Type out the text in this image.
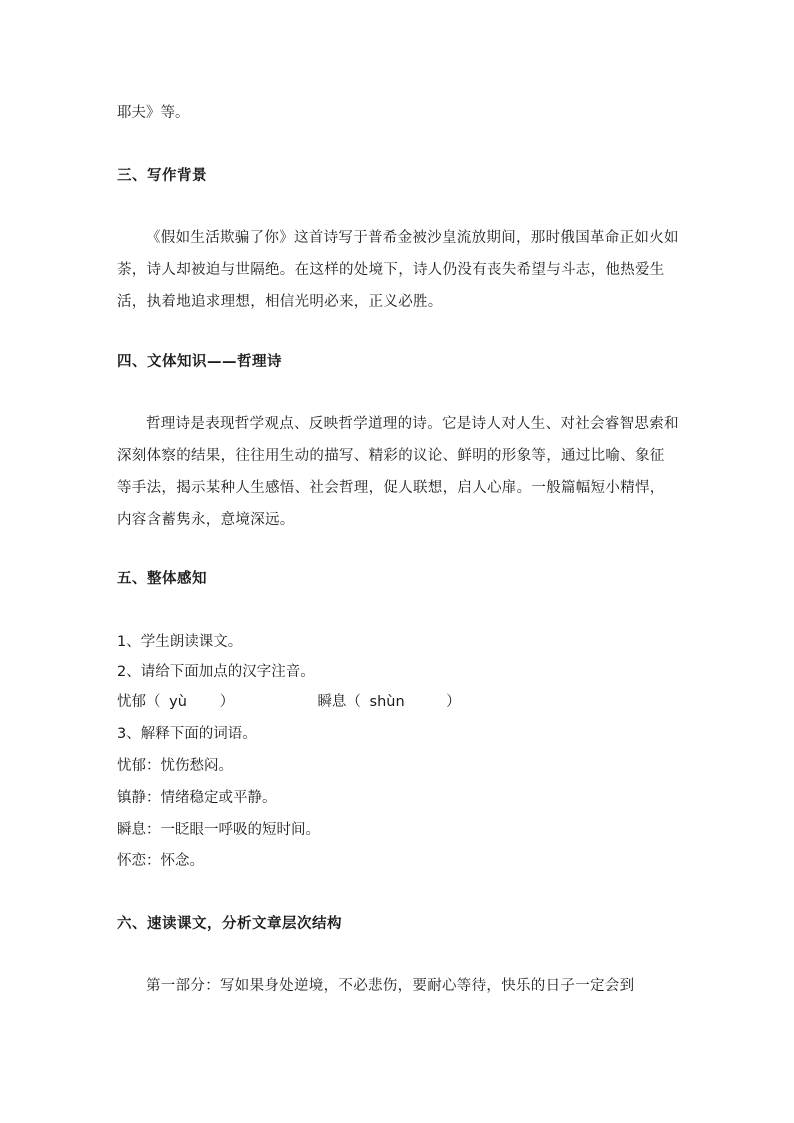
耶夫》等。
三、写作背景
《假如生活欺骗了你》这首诗写于普希金被沙皇流放期间，那时俄国革命正如火如荼，诗人却被迫与世隔绝。在这样的处境下，诗人仍没有丧失希望与斗志，他热爱生活，执着地追求理想，相信光明必来，正义必胜。
四、文体知识——哲理诗
哲理诗是表现哲学观点、反映哲学道理的诗。它是诗人对人生、对社会睿智思索和深刻体察的结果，往往用生动的描写、精彩的议论、鲜明的形象等，通过比喻、象征等手法，揭示某种人生感悟、社会哲理，促人联想，启人心扉。一般篇幅短小精悍，内容含蓄隽永，意境深远。
五、整体感知
1、学生朗读课文。
2、请给下面加点的汉字注音。
忧郁（ yù ）	瞬息（ shùn	）
3、解释下面的词语。
忧郁：忧伤愁闷。
镇静：情绪稳定或平静。
瞬息：一眨眼一呼吸的短时间。
怀恋：怀念。
六、速读课文，分析文章层次结构
第一部分：写如果身处逆境，不必悲伤，要耐心等待，快乐的日子一定会到
